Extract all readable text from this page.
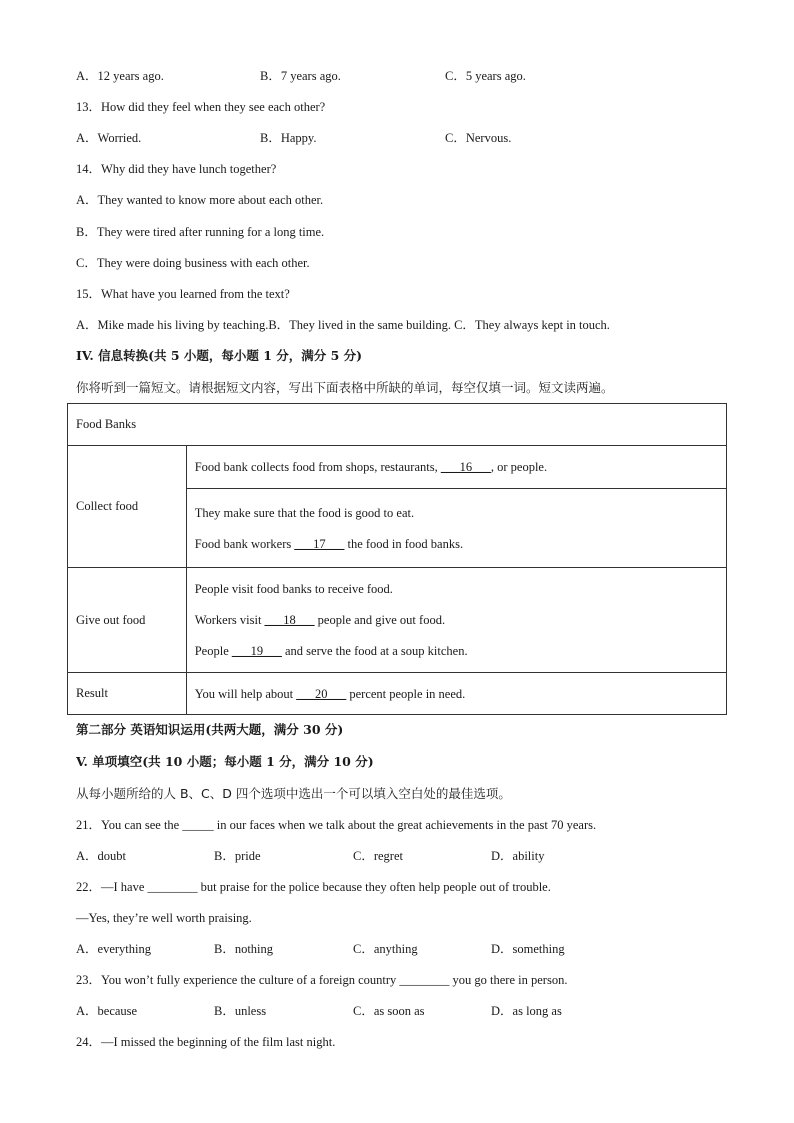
A．12 years ago.	B．7 years ago.	C．5 years ago.
13．How did they feel when they see each other?
A．Worried.	B．Happy.	C．Nervous.
14．Why did they have lunch together?
A．They wanted to know more about each other.
B．They were tired after running for a long time.
C．They were doing business with each other.
15．What have you learned from the text?
A．Mike made his living by teaching.B．They lived in the same building. C．They always kept in touch.
IV. 信息转换(共 5 小题，每小题 1 分，满分 5 分)
你将听到一篇短文。请根据短文内容，写出下面表格中所缺的单词，每空仅填一词。短文读两遍。
Food Banks	
Collect food	Food bank collects food from shops, restaurants, ___16___, or people.

	They make sure that the food is good to eat.

Food bank workers ___17___ the food in food banks.

Give out food	People visit food banks to receive food.

Workers visit ___18___ people and give out food.

People ___19___ and serve the food at a soup kitchen.

Result	You will help about ___20___ percent people in need.

第二部分 英语知识运用(共两大题，满分 30 分)
V. 单项填空(共 10 小题；每小题 1 分，满分 10 分)
从每小题所给的人 B、C、D 四个选项中选出一个可以填入空白处的最佳选项。
21．You can see the _____ in our faces when we talk about the great achievements in the past 70 years.
A．doubt	B．pride	C．regret	D．ability
22．—I have ________ but praise for the police because they often help people out of trouble.
—Yes, they’re well worth praising.
A．everything	B．nothing	C．anything	D．something
23．You won’t fully experience the culture of a foreign country ________ you go there in person.
A．because	B．unless	C．as soon as	D．as long as
24．—I missed the beginning of the film last night.
